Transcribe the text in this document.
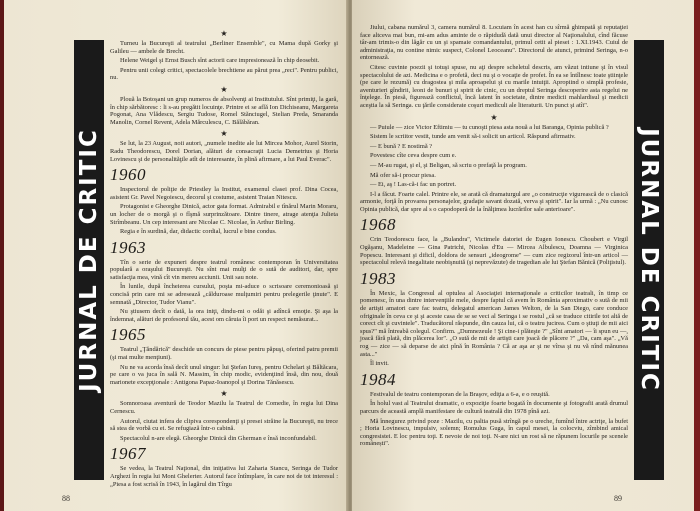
JURNAL DE CRITIC
★
Turneu la Bucureşti al teatrului „Berliner Ensemble", cu Mama după Gorky şi Galileu — ambele de Brecht.
Helene Weigel şi Ernst Busch sînt actorii care impresionează în chip deosebit.
Pentru unii colegi critici, spectacolele brechtiene au părut prea „reci". Pentru publici, nu.
★
Plouă la Botoşani un grup numeros de absolvenţi ai Institutului. Sînt primiţi, la gară, în chip sărbătoresc : li s-au pregătit locuinţe. Printre ei se află Ion Dichiseanu, Margareta Pogonat, Ana Vlădescu, Sergiu Tudose, Romel Stănciugel, Stelian Preda, Smaranda Manolin, Cornel Revent, Adela Mărculescu, C. Bălăbăran.
★
Se lut, la 23 August, noii autori, „numele inedite ale lui Mircea Mohor, Aurel Storin, Radu Theodorescu, Dorel Dorian, alături de consacraţii Lucia Demetrius şi Horia Lovinescu şi de personalităţile atît de interesante, în plină afirmare, a lui Paul Everac".
1960
Inspectorul de poliţie de Priestley la Institut, examenul clasei prof. Dina Cocea, asistent Gr. Pavel Negoiescu, decorul şi costume, asistent Traian Nitescu.
Protagonist e Gheorghe Dinică, actor gata format. Admirabil e tînărul Marin Moraru, un locher de o morgă şi o fîşmă surprinzătoare. Dintre tinere, atrage atenţia Julieta Strîmbeanu. Un cep interesant are Nicolae C. Nicolae, în Arthur Birling.
Regia e în surdină, dar, didactic cordial, lucrul e bine condus.
1963
Tîn o serie de expuneri despre teatrul românesc contemporan în Universitatea populară a oraşului Bucureşti. Nu sînt mai mulţi de o sută de auditori, dar, spre satisfacţia mea, vină cît vin mereu acciunii. Unii sau note.
În lunile, după încheierea cursului, poşta mi-aduce o scrisoare ceremonioasă şi concisă prin care mi se adresează „călduroase mulţumiri pentru prelegerile ţinute". E semnată „Director, Tudor Vianu".
Nu ştiusem decît o dată, la ora iniţi, dindu-mi o odăi şi adîncă emoţie. Şi aşa la îndemnat, alături de profesorul tău, acest om căruia îi port un respect nemăsurat...
1965
Teatrul „Ţăndărică" deschide un concurs de piese pentru păpuşi, oferind patru premii (şi mai multe menţiuni).
Nu ne va acorda însă decît unul singur: lui Ştefan Iureş, pentru Ochelari şi Băltăcara, pe care o va juca în sală N. Massim, în chip modic, evidenţiind însă, din nou, două marionete excepţionale : Antigona Papaz-Ioanopol şi Dorina Tănăsescu.
★
Somnoroasa aventură de Teodor Mazilu la Teatrul de Comedie, în regia lui Dina Cernescu.
Autorul, ciutat infera de clipiva corespondenţi şi presei străine la Bucureşti, nu trece să stea de vorbă cu ei. Se refugiază într-o cabină.
Spectacolul n-are elegă. Gheorghe Dinică din Gherman e însă inconfundabil.
1967
Se vedea, la Teatrul Naţional, din iniţiativa lui Zaharia Stancu, Seringa de Tudor Arghezi în regia lui Moni Ghelerter. Autorul face întîmplare, în care noi de tot interesul : „Piesa a fost scrisă în 1943, în lagărul din Tîrgu
88
Jiului, cabana numărul 3, camera numărul 8. Locuiam în acest han cu sîrmă ghimpată şi reputaţiei face altceva mai bun, mi-am adus aminte de o răpidudă dată unui director al Naţionalului, cînd făcuse târ-am trimis-o din lăgăr cu un şi spamaie comandantului, primul cetit al piesei : 1.XI.1943. Cuiul de administraţia, nu contine nimic suspect, Colonel Leoceanu". Directorul de atunci, primind Seringa, n-o entornează.
Citesc cuvinte poezii şi totuşi spuse, nu aţi despre scheletul descris, am văzut intiune şi în visul spectacolului de azi. Medicina e o profetă, deci nu şi o vocaţie de profet. În ea se întîlnesc toate ştiinţele (pe care le rezumă) cu dragostea şi mila aproapelui şi cu marile intuiţii. Apropiind o simplă profesie, aventurieri gîndirii, leoni de bunuri şi spirit de cinic, cu un dreptul Seringa descoperire asta regelui ne înţelege. În piesă, figurează conflictul, încă latent în societate, dintre medicii mahlardisul şi medicii aceştia la să Seringa. cu ţările considerate coşuri mediculi ale literaturii. Un punct şi atît".
★
— Puiule — zice Victor Eftimiu — tu cunoşti piesa asta nouă a lui Baranga, Opinia publică ?
Sistem le scriitor vestit, tunde am venit să-i solicit un articol. Răspund afirmativ.
— E bună ? E nostimă ?
Povestesc cîte ceva despre cum e.
— M-au rugat, şi el, şi Beligan, să scriu o prefaţă la program.
Mă ofer să-i procur piesa.
— Ei, aş ! Las-că-i fac un portret.
I-l a făcut. Foarte calel. Printre ele, se arată că dramaturgul are „o construcţie vigurească de o clasică armonie, forţă în provarea personajelor, gradaţie savant dozată, verva şi spirit". Iar la urmă : „Nu cunosc Opinia publică, dar spre al s o capodoperă de la înălţimea lucrărilor sale anterioare".
1968
Crin Teodorescu face, la „Bulandra", Victimele datoriei de Eugen Ionescu. Choubert e Virgil Ogăşanu, Madeleine — Gina Patrichi, Nicolas d'Eu — Mircea Albulescu, Doamna — Virginica Popescu. Interesant şi dificil, doldora de sensuri „ideogrome" — cum zice regizorul într-un articol — spectacolul relevă inegalitate neobişnuită (şi neprevăzute) de tragedian ale lui Ştefan Bănică (Poliţistul).
1983
În Mexic, la Congresul al optulea al Asociaţiei internaţionale a criticilor teatrali, în timp ce pomenesc, în una dintre intervenţiile mele, despre faptul că avem în România aproximativ o sută de mii de artişti amatori care fac teatru, delegatul american James Welton, de la San Diego, care conduce ofriginale în ceva ce şi şi aceste casa de se se veci al Seringa i se rostul „că se traduce citirile tot altă de corect cît şi cuvintele". Traducătorul răspunde, din cauza lui, că o teatru jucirea. Cum o ştiuţi de mii aici spus?" mă întreabă colegul. Confirm. „Dumnezeule ! Şi cine-i plăteşte ?" „Sînt amatori — îi spun eu —, joacă fără plată, din plăcerea lor". „O sută de mii de artişti care joacă de plăcere ?" „Da, cam aşa". „Vă rog — zice — să deparse de aici pînă în România ? Că ar aşa ar şi ne vîrsa şi nu vă nînd mănunea asta..."
Îl invit.
1984
Festivalul de teatru contemporan de la Braşov, ediţia a 6-a, e o reuşită.
În holul vast al Teatrului dramatic, o expoziţie foarte bogată în documente şi fotografii arată drumul parcurs de această amplă manifestare de cultură teatrală din 1978 pînă azi.
Mă înnegurez privind poze : Mazilu, cu paltia pusă strîngă pe o ureche, fumînd între actriţe, la bufet ; Horia Lovinescu, impulsiv, solemn; Romulus Guga, în capul mesei, la colocviu, zîmbind amical congresistei. E loc pentru toţi. E nevoie de noi toţi. N-are nici un rost să ne răpunem locurile pe scenele românești".
JURNAL DE CRITIC
89
